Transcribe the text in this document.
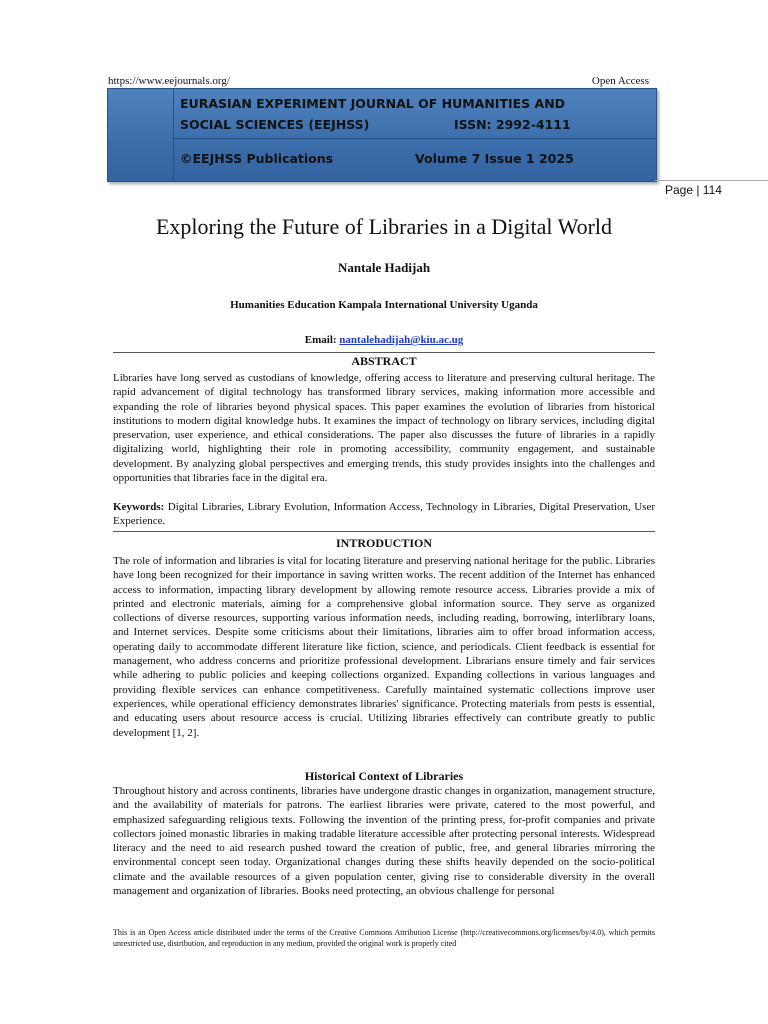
https://www.eejournals.org/	Open Access
EURASIAN EXPERIMENT JOURNAL OF HUMANITIES AND
SOCIAL SCIENCES (EEJHSS)	ISSN: 2992-4111
©EEJHSS Publications	Volume 7 Issue 1 2025
Page | 114
Exploring the Future of Libraries in a Digital World
Nantale Hadijah
Humanities Education Kampala International University Uganda
Email: nantalehadijah@kiu.ac.ug
ABSTRACT
Libraries have long served as custodians of knowledge, offering access to literature and preserving cultural heritage. The rapid advancement of digital technology has transformed library services, making information more accessible and expanding the role of libraries beyond physical spaces. This paper examines the evolution of libraries from historical institutions to modern digital knowledge hubs. It examines the impact of technology on library services, including digital preservation, user experience, and ethical considerations. The paper also discusses the future of libraries in a rapidly digitalizing world, highlighting their role in promoting accessibility, community engagement, and sustainable development. By analyzing global perspectives and emerging trends, this study provides insights into the challenges and opportunities that libraries face in the digital era.
Keywords: Digital Libraries, Library Evolution, Information Access, Technology in Libraries, Digital Preservation, User Experience.
INTRODUCTION
The role of information and libraries is vital for locating literature and preserving national heritage for the public. Libraries have long been recognized for their importance in saving written works. The recent addition of the Internet has enhanced access to information, impacting library development by allowing remote resource access. Libraries provide a mix of printed and electronic materials, aiming for a comprehensive global information source. They serve as organized collections of diverse resources, supporting various information needs, including reading, borrowing, interlibrary loans, and Internet services. Despite some criticisms about their limitations, libraries aim to offer broad information access, operating daily to accommodate different literature like fiction, science, and periodicals. Client feedback is essential for management, who address concerns and prioritize professional development. Librarians ensure timely and fair services while adhering to public policies and keeping collections organized. Expanding collections in various languages and providing flexible services can enhance competitiveness. Carefully maintained systematic collections improve user experiences, while operational efficiency demonstrates libraries' significance. Protecting materials from pests is essential, and educating users about resource access is crucial. Utilizing libraries effectively can contribute greatly to public development [1, 2].
Historical Context of Libraries
Throughout history and across continents, libraries have undergone drastic changes in organization, management structure, and the availability of materials for patrons. The earliest libraries were private, catered to the most powerful, and emphasized safeguarding religious texts. Following the invention of the printing press, for-profit companies and private collectors joined monastic libraries in making tradable literature accessible after protecting personal interests. Widespread literacy and the need to aid research pushed toward the creation of public, free, and general libraries mirroring the environmental concept seen today. Organizational changes during these shifts heavily depended on the socio-political climate and the available resources of a given population center, giving rise to considerable diversity in the overall management and organization of libraries. Books need protecting, an obvious challenge for personal
This is an Open Access article distributed under the terms of the Creative Commons Attribution License (http://creativecommons.org/licenses/by/4.0), which permits unrestricted use, distribution, and reproduction in any medium, provided the original work is properly cited
